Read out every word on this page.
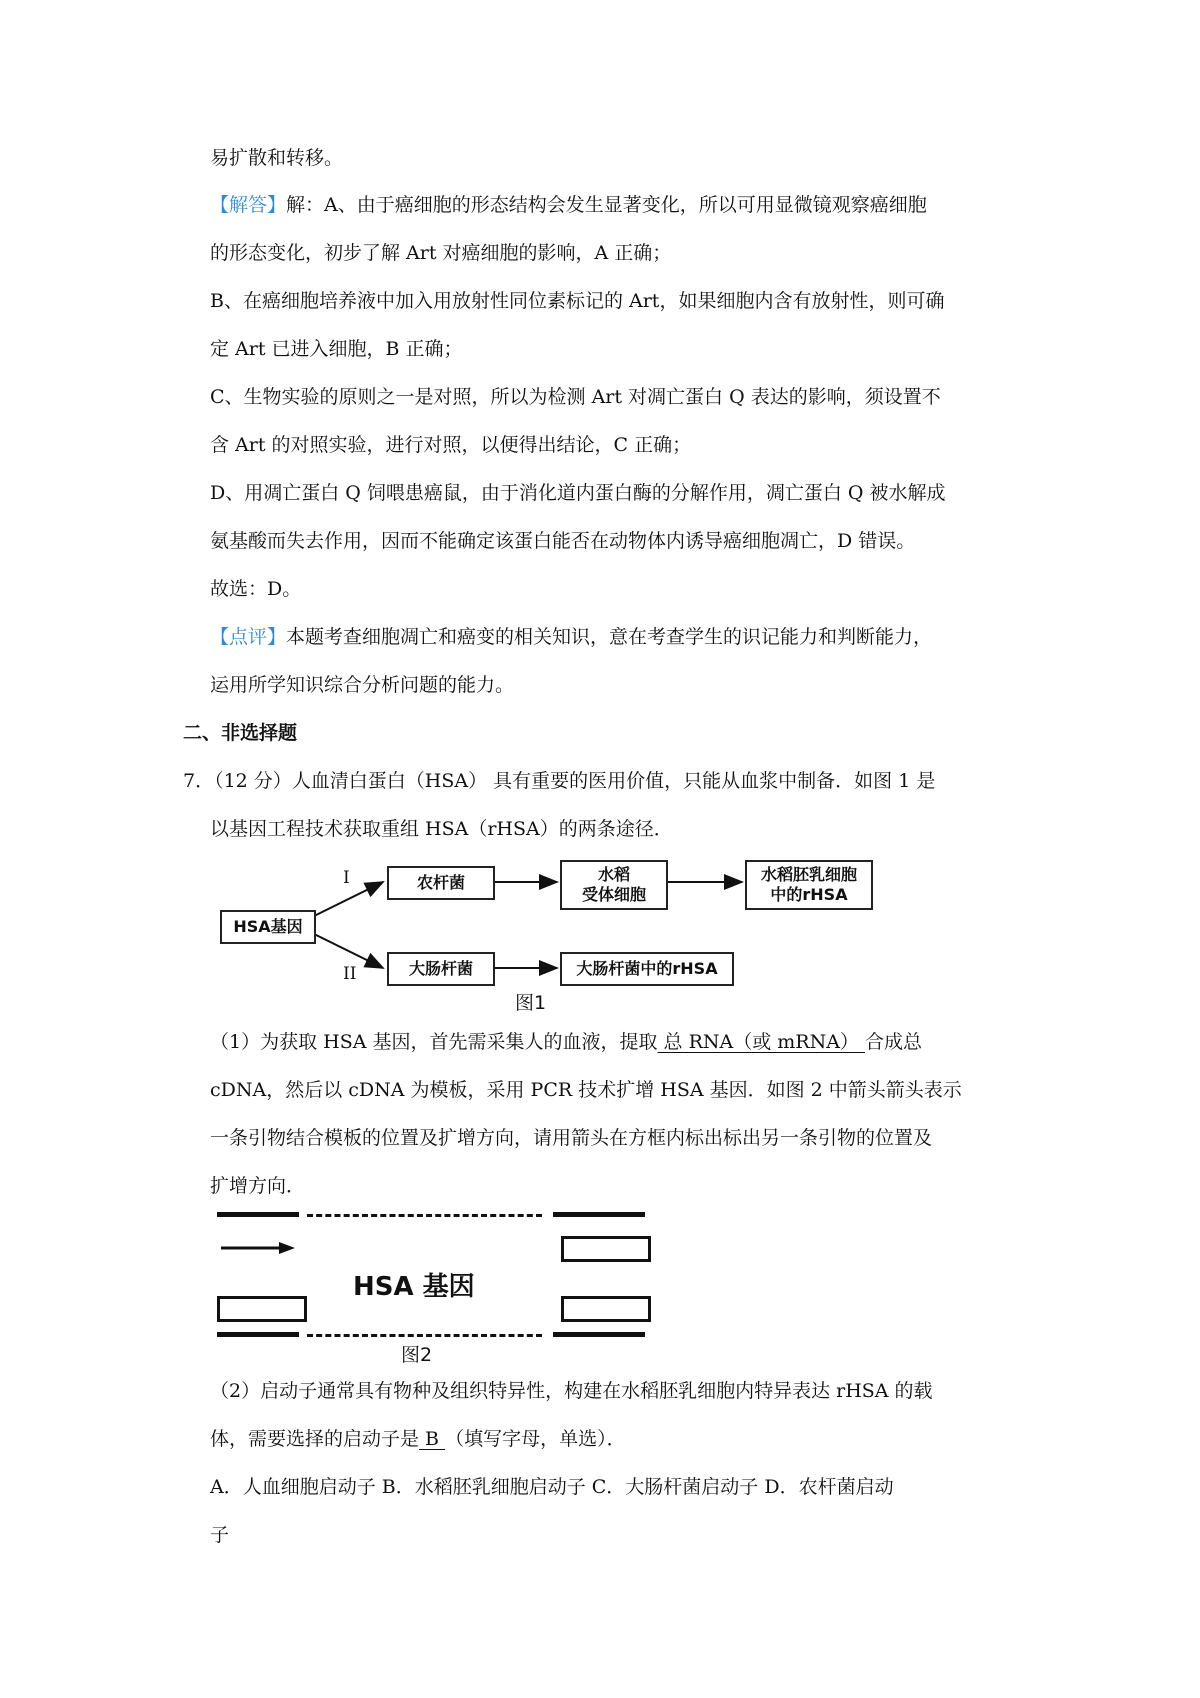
易扩散和转移。
【解答】解：A、由于癌细胞的形态结构会发生显著变化，所以可用显微镜观察癌细胞
的形态变化，初步了解 Art 对癌细胞的影响，A 正确；
B、在癌细胞培养液中加入用放射性同位素标记的 Art，如果细胞内含有放射性，则可确
定 Art 已进入细胞，B 正确；
C、生物实验的原则之一是对照，所以为检测 Art 对凋亡蛋白 Q 表达的影响，须设置不
含 Art 的对照实验，进行对照，以便得出结论，C 正确；
D、用凋亡蛋白 Q 饲喂患癌鼠，由于消化道内蛋白酶的分解作用，凋亡蛋白 Q 被水解成
氨基酸而失去作用，因而不能确定该蛋白能否在动物体内诱导癌细胞凋亡，D 错误。
故选：D。
【点评】本题考查细胞凋亡和癌变的相关知识，意在考查学生的识记能力和判断能力，
运用所学知识综合分析问题的能力。
二、非选择题
7．（12 分）人血清白蛋白（HSA） 具有重要的医用价值，只能从血浆中制备．如图 1 是
以基因工程技术获取重组 HSA（rHSA）的两条途径．
HSA基因
I
II
农杆菌	水稻
受体细胞
水稻胚乳细胞
中的rHSA
大肠杆菌	大肠杆菌中的rHSA
图1
（1）为获取 HSA 基因，首先需采集人的血液，提取 总 RNA（或 mRNA） 合成总
cDNA，然后以 cDNA 为模板，采用 PCR 技术扩增 HSA 基因．如图 2 中箭头箭头表示
一条引物结合模板的位置及扩增方向，请用箭头在方框内标出标出另一条引物的位置及
扩增方向．
HSA 基因
图2
（2）启动子通常具有物种及组织特异性，构建在水稻胚乳细胞内特异表达 rHSA 的载
体，需要选择的启动子是 B （填写字母，单选）．
A．人血细胞启动子 B．水稻胚乳细胞启动子 C．大肠杆菌启动子 D．农杆菌启动
子
